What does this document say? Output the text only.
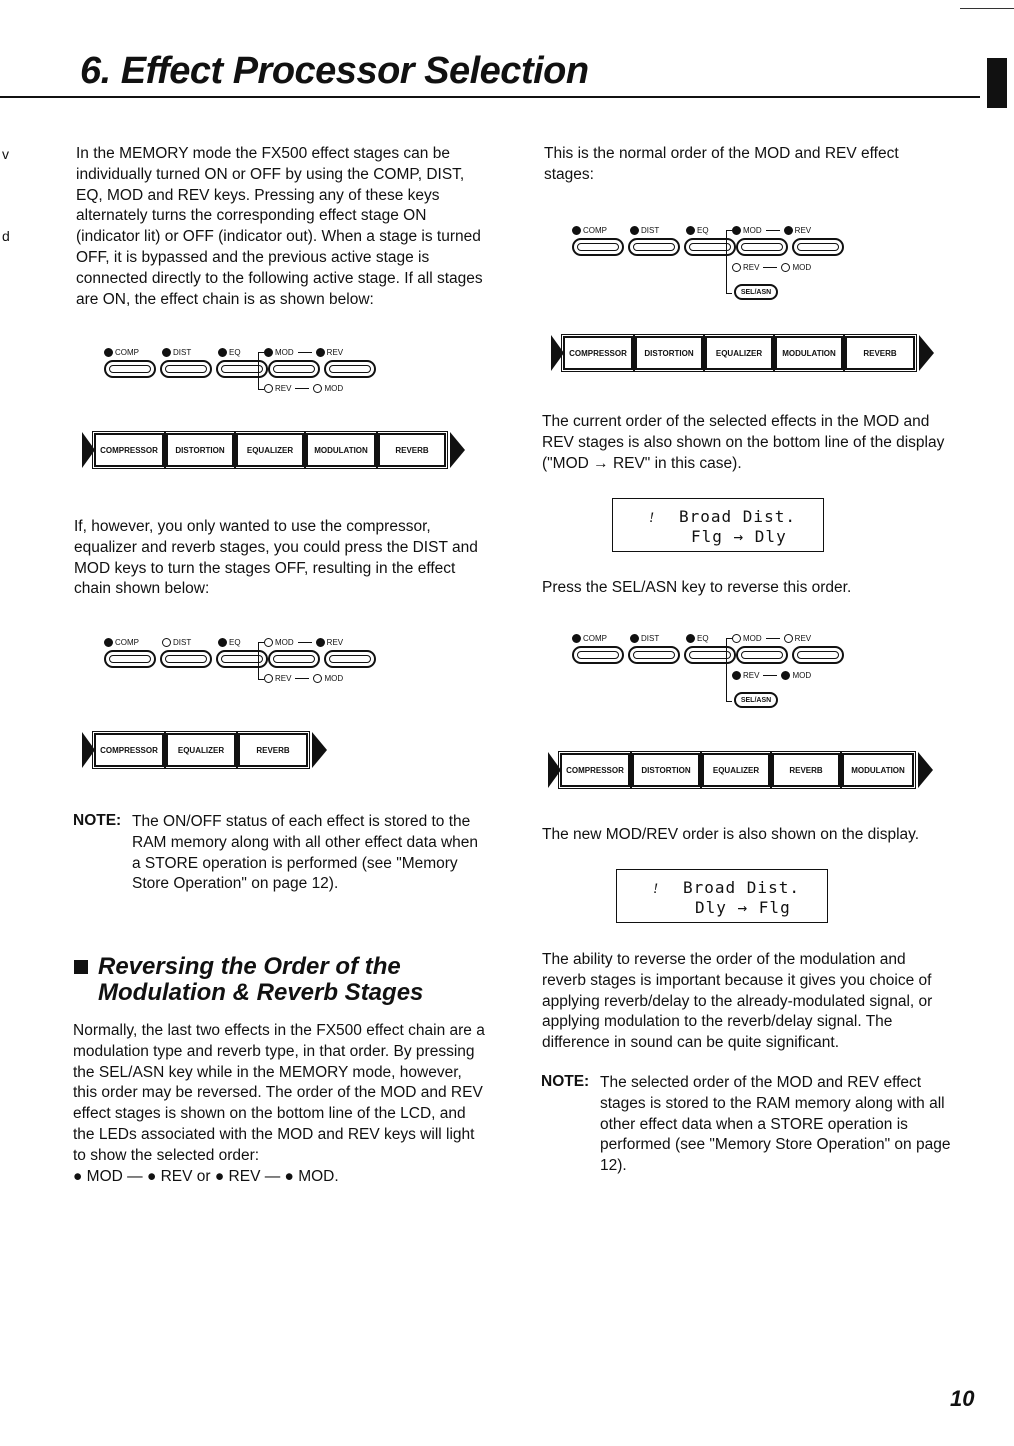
6. Effect Processor Selection
v
d
In the MEMORY mode the FX500 effect stages can be individually turned ON or OFF by using the COMP, DIST, EQ, MOD and REV keys. Pressing any of these keys alternately turns the corresponding effect stage ON (indicator lit) or OFF (indicator out). When a stage is turned OFF, it is bypassed and the previous active stage is connected directly to the following active stage. If all stages are ON, the effect chain is as shown below:
COMP	DIST	EQ	MOD	REV
REV	MOD
COMPRESSOR	DISTORTION	EQUALIZER	MODULATION	REVERB
If, however, you only wanted to use the compressor, equalizer and reverb stages, you could press the DIST and MOD keys to turn the stages OFF, resulting in the effect chain shown below:
COMP	DIST	EQ	MOD	REV
REV	MOD
COMPRESSOR	EQUALIZER	REVERB
NOTE: The ON/OFF status of each effect is stored to the RAM memory along with all other effect data when a STORE operation is performed (see "Memory Store Operation" on page 12).
Reversing the Order of the
Modulation & Reverb Stages
Normally, the last two effects in the FX500 effect chain are a modulation type and reverb type, in that order. By pressing the SEL/ASN key while in the MEMORY mode, however, this order may be reversed. The order of the MOD and REV effect stages is shown on the bottom line of the LCD, and the LEDs associated with the MOD and REV keys will light to show the selected order:
● MOD — ● REV or ● REV — ● MOD.
This is the normal order of the MOD and REV effect stages:
COMP	DIST	EQ	MOD	REV
REV	MOD
SEL/ASN
COMPRESSOR	DISTORTION	EQUALIZER	MODULATION	REVERB
The current order of the selected effects in the MOD and REV stages is also shown on the bottom line of the display ("MOD → REV" in this case).
! Broad Dist.
Flg → Dly
Press the SEL/ASN key to reverse this order.
COMP	DIST	EQ	MOD	REV
REV	MOD
SEL/ASN
COMPRESSOR	DISTORTION	EQUALIZER	REVERB	MODULATION
The new MOD/REV order is also shown on the display.
! Broad Dist.
Dly → Flg
The ability to reverse the order of the modulation and reverb stages is important because it gives you choice of applying reverb/delay to the already-modulated signal, or applying modulation to the reverb/delay signal. The difference in sound can be quite significant.
NOTE: The selected order of the MOD and REV effect stages is stored to the RAM memory along with all other effect data when a STORE operation is performed (see "Memory Store Operation" on page 12).
10
